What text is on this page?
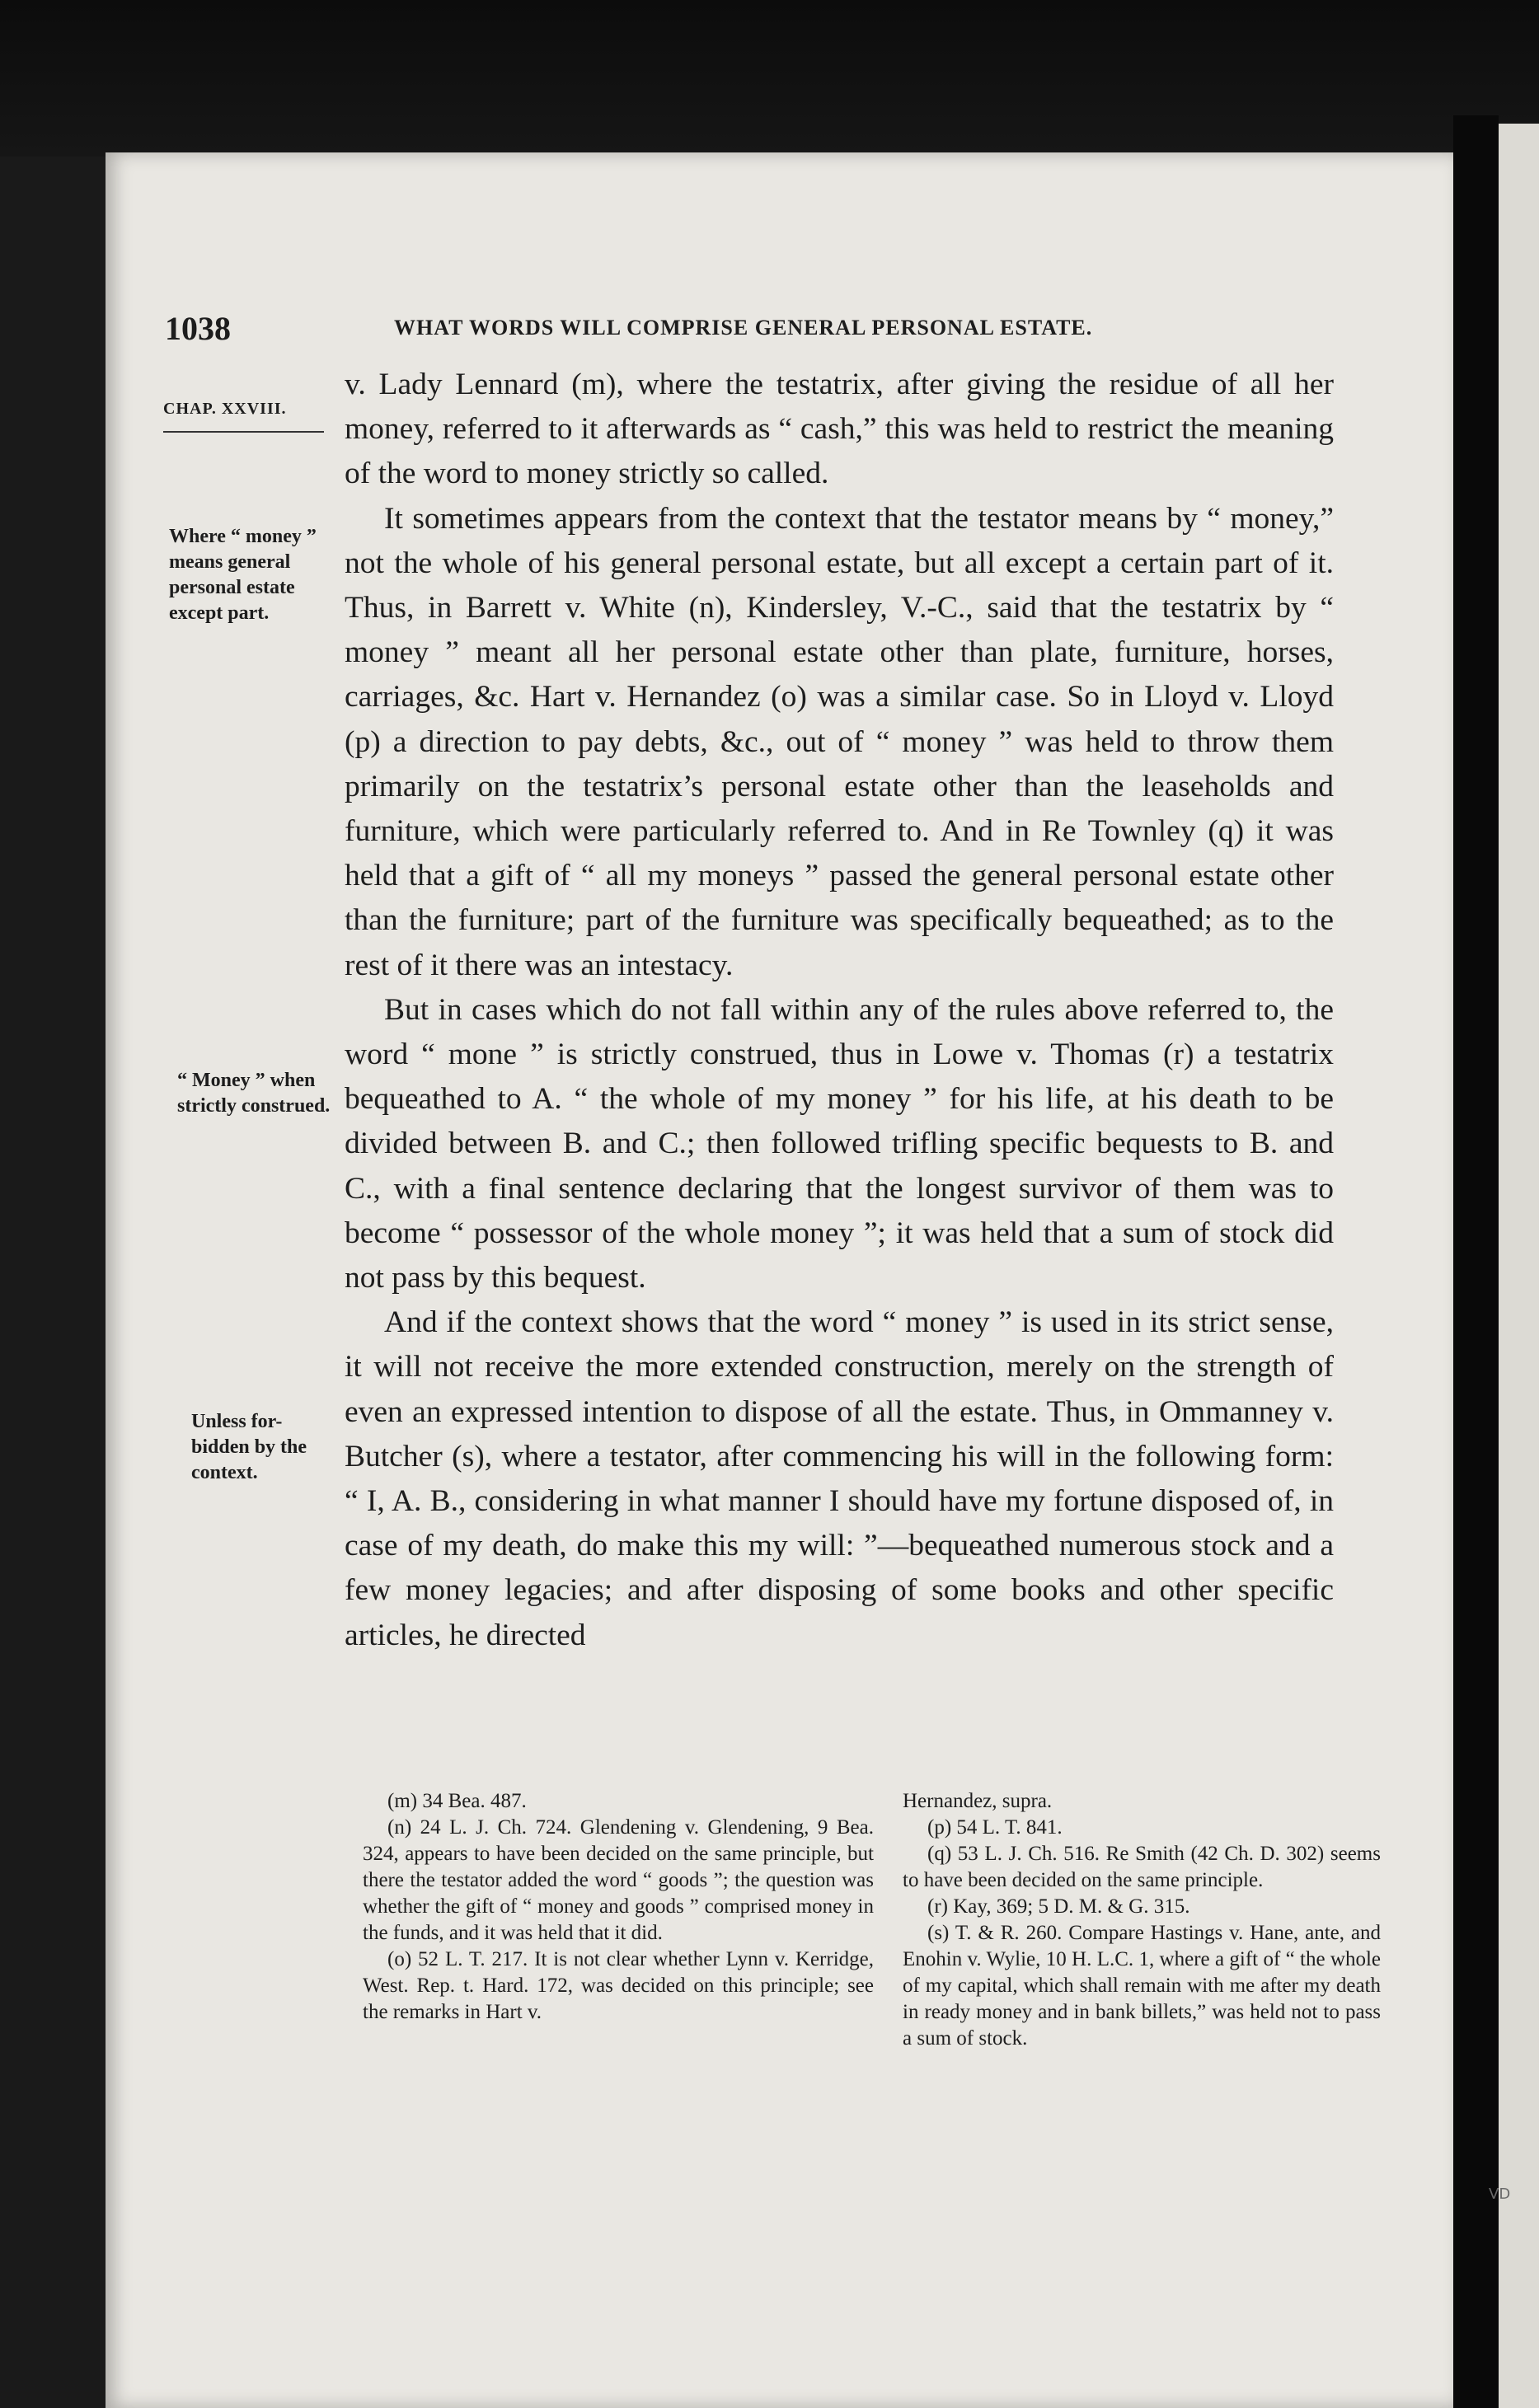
VD
1038	WHAT WORDS WILL COMPRISE GENERAL PERSONAL ESTATE.
CHAP. XXVIII.
Where “ money ” means general personal estate except part.
“ Money ” when strictly construed.
Unless for-bidden by the context.

v. Lady Lennard (m), where the testatrix, after giving the residue of all her money, referred to it afterwards as “ cash,” this was held to restrict the meaning of the word to money strictly so called.

It sometimes appears from the context that the testator means by “ money,” not the whole of his general personal estate, but all except a certain part of it. Thus, in Barrett v. White (n), Kindersley, V.-C., said that the testatrix by “ money ” meant all her personal estate other than plate, furniture, horses, carriages, &c. Hart v. Hernandez (o) was a similar case. So in Lloyd v. Lloyd (p) a direction to pay debts, &c., out of “ money ” was held to throw them primarily on the testatrix’s personal estate other than the leaseholds and furniture, which were particularly referred to. And in Re Townley (q) it was held that a gift of “ all my moneys ” passed the general personal estate other than the furniture; part of the furniture was specifically bequeathed; as to the rest of it there was an intestacy.

But in cases which do not fall within any of the rules above referred to, the word “ mone ” is strictly construed, thus in Lowe v. Thomas (r) a testatrix bequeathed to A. “ the whole of my money ” for his life, at his death to be divided between B. and C.; then followed trifling specific bequests to B. and C., with a final sentence declaring that the longest survivor of them was to become “ possessor of the whole money ”; it was held that a sum of stock did not pass by this bequest.

And if the context shows that the word “ money ” is used in its strict sense, it will not receive the more extended construction, merely on the strength of even an expressed intention to dispose of all the estate. Thus, in Ommanney v. Butcher (s), where a testator, after commencing his will in the following form: “ I, A. B., considering in what manner I should have my fortune disposed of, in case of my death, do make this my will: ”—bequeathed numerous stock and a few money legacies; and after disposing of some books and other specific articles, he directed

(m) 34 Bea. 487.

(n) 24 L. J. Ch. 724. Glendening v. Glendening, 9 Bea. 324, appears to have been decided on the same principle, but there the testator added the word “ goods ”; the question was whether the gift of “ money and goods ” comprised money in the funds, and it was held that it did.

(o) 52 L. T. 217. It is not clear whether Lynn v. Kerridge, West. Rep. t. Hard. 172, was decided on this principle; see the remarks in Hart v.

Hernandez, supra.

(p) 54 L. T. 841.

(q) 53 L. J. Ch. 516. Re Smith (42 Ch. D. 302) seems to have been decided on the same principle.

(r) Kay, 369; 5 D. M. & G. 315.

(s) T. & R. 260. Compare Hastings v. Hane, ante, and Enohin v. Wylie, 10 H. L.C. 1, where a gift of “ the whole of my capital, which shall remain with me after my death in ready money and in bank billets,” was held not to pass a sum of stock.
